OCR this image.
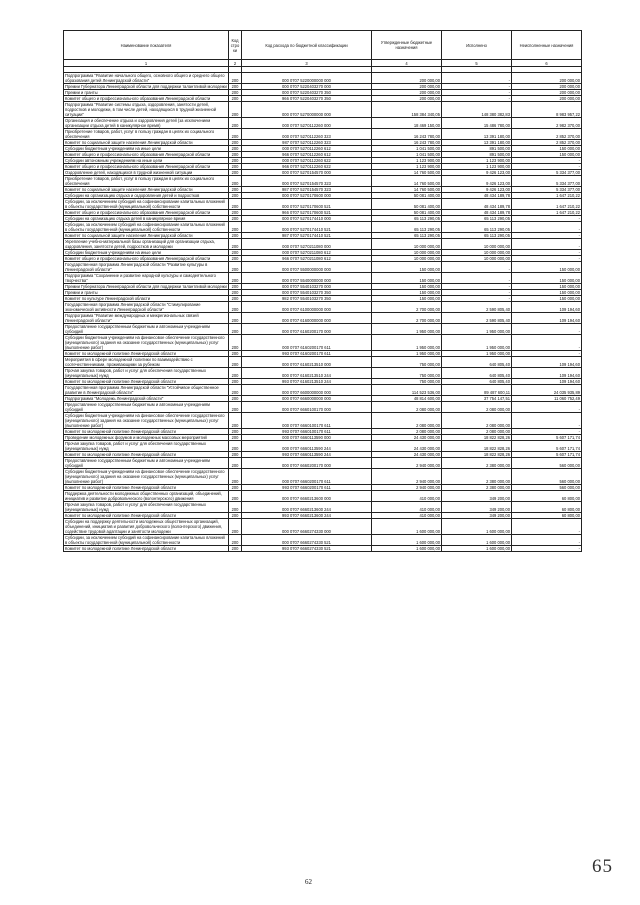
Наименование показателя	Код стро ки	Код расхода по бюджетной классификации	Утвержденные бюджетные назначения	Исполнено	Неисполненные назначения
1	2	3	4	5	6

Подпрограмма "Развитие начального общего, основного общего и среднего общего образования детей Ленинградской области"	200	000 0707 5220000000 000	200 000,00	-	200 000,00
Премии Губернатора Ленинградской области для поддержки талантливой молодежи	200	000 0707 5220403270 000	200 000,00	-	200 000,00
Премии и гранты	200	000 0707 5220403270 350	200 000,00	-	200 000,00
Комитет общего и профессионального образования Ленинградской области	200	966 0707 5220403270 350	200 000,00	-	200 000,00
Подпрограмма "Развитие системы отдыха, оздоровления, занятости детей, подростков и молодежи, в том числе детей, находящихся в трудной жизненной ситуации"	200	000 0707 5270000000 000	158 384 340,05	148 380 382,83	8 983 957,22
Организация и обеспечение отдыха и оздоровления детей (за исключением организации отдыха детей в каникулярное время)	200	000 0707 5270112260 000	18 469 150,00	15 486 780,00	2 982 370,00
Приобретение товаров, работ, услуг в пользу граждан в целях их социального обеспечения	200	000 0707 5270112260 323	16 243 780,00	13 391 180,00	2 852 370,00
Комитет по социальной защите населения Ленинградской области	200	987 0707 5270112260 323	16 243 780,00	13 391 180,00	2 852 370,00
Субсидии бюджетным учреждениям на иные цели	200	000 0707 5270112260 612	1 041 500,00	891 500,00	150 000,00
Комитет общего и профессионального образования Ленинградской области	200	966 0707 5270112260 612	1 041 500,00	891 500,00	150 000,00
Субсидии автономным учреждениям на иные цели	200	000 0707 5270112260 622	1 123 900,00	1 123 900,00	-
Комитет общего и профессионального образования Ленинградской области	200	966 0707 5270112260 622	1 123 900,00	1 123 900,00	-
Оздоровление детей, находящихся в трудной жизненной ситуации	200	000 0707 5270154570 000	14 760 500,00	9 426 123,00	5 334 377,00
Приобретение товаров, работ, услуг в пользу граждан в целях их социального обеспечения	200	000 0707 5270154570 323	14 760 500,00	9 426 123,00	5 334 377,00
Комитет по социальной защите населения Ленинградской области	200	987 0707 5270154570 323	14 760 500,00	9 426 123,00	5 334 377,00
Субсидии на организацию отдыха и оздоровления детей и подростков	200	000 0707 5270170600 000	50 081 400,00	48 434 189,78	1 647 210,22
Субсидии, за исключением субсидий на софинансирование капитальных вложений в объекты государственной (муниципальной) собственности	200	000 0707 5270170600 521	50 081 400,00	48 434 189,78	1 647 210,22
Комитет общего и профессионального образования Ленинградской области	200	966 0707 5270170600 521	50 081 400,00	48 434 189,78	1 647 210,22
Субсидии на организацию отдыха детей в каникулярное время	200	000 0707 5270174410 000	65 113 290,05	65 113 290,05	-
Субсидии, за исключением субсидий на софинансирование капитальных вложений в объекты государственной (муниципальной) собственности	200	000 0707 5270174410 521	65 113 290,05	65 113 290,05	-
Комитет по социальной защите населения Ленинградской области	200	987 0707 5270174410 521	65 113 290,05	65 113 290,05	-
Укрепление учебно-материальной базы организаций для организации отдыха, оздоровления, занятости детей, подростков и молодежи	200	000 0707 5270211080 000	10 000 000,00	10 000 000,00	-
Субсидии бюджетным учреждениям на иные цели	200	000 0707 5270211080 612	10 000 000,00	10 000 000,00	-
Комитет общего и профессионального образования Ленинградской области	200	966 0707 5270211080 612	10 000 000,00	10 000 000,00	-
Государственная программа Ленинградской области "Развитие культуры в Ленинградской области"	200	000 0707 5500000000 000	150 000,00	-	150 000,00
Подпрограмма "Сохранение и развитие народной культуры и самодеятельного творчества"	200	000 0707 5540000000 000	150 000,00	-	150 000,00
Премии Губернатора Ленинградской области для поддержки талантливой молодежи	200	000 0707 5540103270 000	150 000,00	-	150 000,00
Премии и гранты	200	000 0707 5540103270 350	150 000,00	-	150 000,00
Комитет по культуре Ленинградской области	200	982 0707 5540103270 350	150 000,00	-	150 000,00
Государственная программа Ленинградской области "Стимулирование экономической активности Ленинградской области"	200	000 0707 6100000000 000	2 700 000,00	2 590 805,40	109 194,60
Подпрограмма "Развитие международных и межрегиональных связей Ленинградской области"	200	000 0707 6160000000 000	2 700 000,00	2 590 805,40	109 194,60
Предоставление государственным бюджетным и автономным учреждениям субсидий	200	000 0707 6160200170 000	1 950 000,00	1 950 000,00	-
Субсидии бюджетным учреждениям на финансовое обеспечение государственного (муниципального) задания на оказание государственных (муниципальных) услуг (выполнение работ)	200	000 0707 6160200170 611	1 950 000,00	1 950 000,00	-
Комитет по молодежной политике Ленинградской области	200	993 0707 6160200170 611	1 950 000,00	1 950 000,00	-
Мероприятия в сфере молодежной политики по взаимодействию с соотечественниками, проживающими за рубежом	200	000 0707 6160213510 000	750 000,00	640 805,40	109 194,60
Прочая закупка товаров, работ и услуг для обеспечения государственных (муниципальных) нужд	200	000 0707 6160213510 244	750 000,00	640 805,40	109 194,60
Комитет по молодежной политике Ленинградской области	200	993 0707 6160213510 244	750 000,00	640 805,40	109 194,60
Государственная программа Ленинградской области "Устойчивое общественное развитие в Ленинградской области"	200	000 0707 6600000000 000	114 523 536,00	89 487 600,11	24 035 935,89
Подпрограмма "Молодежь Ленинградской области"	200	000 0707 6660000000 000	48 814 600,00	37 754 147,51	11 060 752,49
Предоставление государственным бюджетным и автономным учреждениям субсидий	200	000 0707 6660100170 000	2 080 000,00	2 080 000,00	-
Субсидии бюджетным учреждениям на финансовое обеспечение государственного (муниципального) задания на оказание государственных (муниципальных) услуг (выполнение работ)	200	000 0707 6660100170 611	2 080 000,00	2 080 000,00	-
Комитет по молодежной политике Ленинградской области	200	993 0707 6660100170 611	2 080 000,00	2 080 000,00	-
Проведение молодежных форумов и молодежных массовых мероприятий	200	000 0707 6660113590 000	24 430 000,00	18 822 828,26	5 607 171,74
Прочая закупка товаров, работ и услуг для обеспечения государственных (муниципальных) нужд	200	000 0707 6660113590 244	24 430 000,00	18 822 828,26	5 607 171,74
Комитет по молодежной политике Ленинградской области	200	993 0707 6660113590 244	24 430 000,00	18 822 828,26	5 607 171,74
Предоставление государственным бюджетным и автономным учреждениям субсидий	200	000 0707 6660200170 000	2 940 000,00	2 380 000,00	560 000,00
Субсидии бюджетным учреждениям на финансовое обеспечение государственного (муниципального) задания на оказание государственных (муниципальных) услуг (выполнение работ)	200	000 0707 6660200170 611	2 940 000,00	2 380 000,00	560 000,00
Комитет по молодежной политике Ленинградской области	200	993 0707 6660200170 611	2 940 000,00	2 380 000,00	560 000,00
Поддержка деятельности молодежных общественных организаций, объединений, инициатив и развитие добровольческого (волонтерского) движения	200	000 0707 6660213600 000	410 000,00	349 200,00	60 800,00
Прочая закупка товаров, работ и услуг для обеспечения государственных (муниципальных) нужд	200	000 0707 6660213600 244	410 000,00	349 200,00	60 800,00
Комитет по молодежной политике Ленинградской области	200	993 0707 6660213600 244	410 000,00	349 200,00	60 800,00
Субсидии на поддержку деятельности молодежных общественных организаций, объединений, инициатив и развития добровольческого (волонтерского) движения, содействие трудовой адаптации и занятости молодежи	200	000 0707 6660274330 000	1 600 000,00	1 600 000,00	-
Субсидии, за исключением субсидий на софинансирование капитальных вложений в объекты государственной (муниципальной) собственности	200	000 0707 6660274330 521	1 600 000,00	1 600 000,00	-
Комитет по молодежной политике Ленинградской области	200	993 0707 6660274330 521	1 600 000,00	1 600 000,00	-
62
65
